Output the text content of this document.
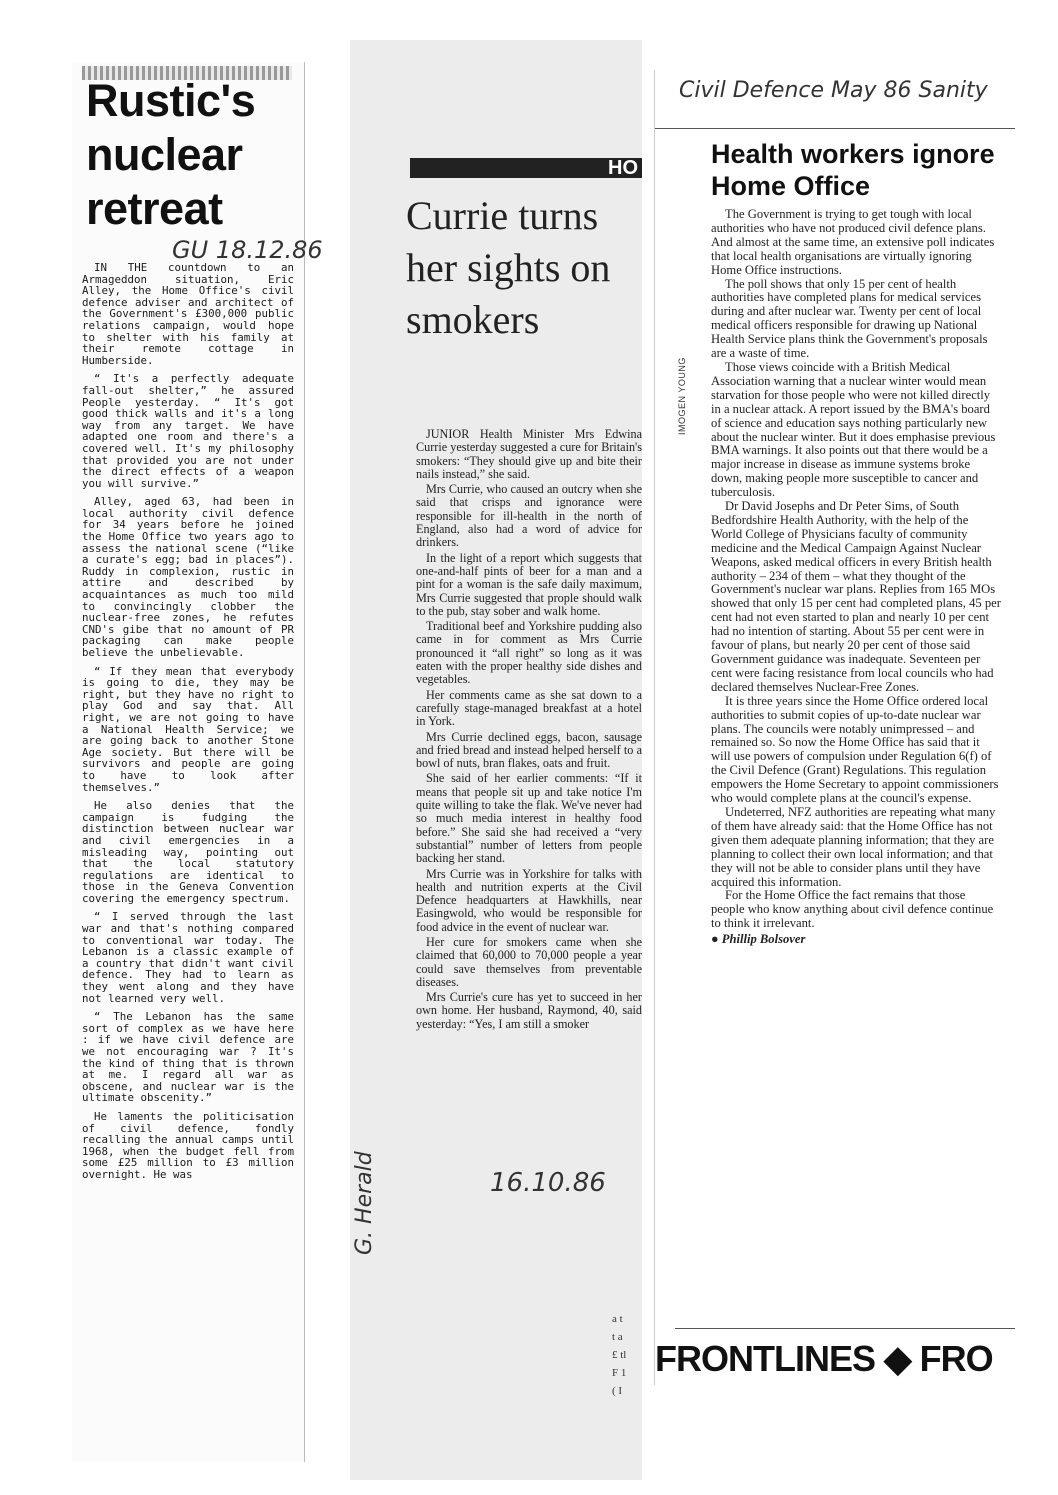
Rustic's nuclear retreat
GU 18.12.86

IN THE countdown to an Armageddon situation, Eric Alley, the Home Office's civil defence adviser and architect of the Government's £300,000 public relations campaign, would hope to shelter with his family at their remote cottage in Humberside.

“ It's a perfectly adequate fall-out shelter,” he assured People yesterday. “ It's got good thick walls and it's a long way from any target. We have adapted one room and there's a covered well. It's my philosophy that provided you are not under the direct effects of a weapon you will survive.”

Alley, aged 63, had been in local authority civil defence for 34 years before he joined the Home Office two years ago to assess the national scene (“like a curate's egg; bad in places”). Ruddy in complexion, rustic in attire and described by acquaintances as much too mild to convincingly clobber the nuclear-free zones, he refutes CND's gibe that no amount of PR packaging can make people believe the unbelievable.

“ If they mean that everybody is going to die, they may be right, but they have no right to play God and say that. All right, we are not going to have a National Health Service; we are going back to another Stone Age society. But there will be survivors and people are going to have to look after themselves.”

He also denies that the campaign is fudging the distinction between nuclear war and civil emergencies in a misleading way, pointing out that the local statutory regulations are identical to those in the Geneva Convention covering the emergency spectrum.

“ I served through the last war and that's nothing compared to conventional war today. The Lebanon is a classic example of a country that didn't want civil defence. They had to learn as they went along and they have not learned very well.

“ The Lebanon has the same sort of complex as we have here : if we have civil defence are we not encouraging war ? It's the kind of thing that is thrown at me. I regard all war as obscene, and nuclear war is the ultimate obscenity.”

He laments the politicisation of civil defence, fondly recalling the annual camps until 1968, when the budget fell from some £25 million to £3 million overnight. He was

HO
Currie turns her sights on smokers

JUNIOR Health Minister Mrs Edwina Currie yesterday suggested a cure for Britain's smokers: “They should give up and bite their nails instead,” she said.

Mrs Currie, who caused an outcry when she said that crisps and ignorance were responsible for ill-health in the north of England, also had a word of advice for drinkers.

In the light of a report which suggests that one-and-half pints of beer for a man and a pint for a woman is the safe daily maximum, Mrs Currie suggested that prople should walk to the pub, stay sober and walk home.

Traditional beef and Yorkshire pudding also came in for comment as Mrs Currie pronounced it “all right” so long as it was eaten with the proper healthy side dishes and vegetables.

Her comments came as she sat down to a carefully stage-managed breakfast at a hotel in York.

Mrs Currie declined eggs, bacon, sausage and fried bread and instead helped herself to a bowl of nuts, bran flakes, oats and fruit.

She said of her earlier comments: “If it means that people sit up and take notice I'm quite willing to take the flak. We've never had so much media interest in healthy food before.” She said she had received a “very substantial” number of letters from people backing her stand.

Mrs Currie was in Yorkshire for talks with health and nutrition experts at the Civil Defence headquarters at Hawkhills, near Easingwold, who would be responsible for food advice in the event of nuclear war.

Her cure for smokers came when she claimed that 60,000 to 70,000 people a year could save themselves from preventable diseases.

Mrs Currie's cure has yet to succeed in her own home. Her husband, Raymond, 40, said yesterday: “Yes, I am still a smoker

G. Herald	16.10.86
a t t a £ tl F 1 ( I
Civil Defence May 86 Sanity
Health workers ignore Home Office
IMOGEN YOUNG

The Government is trying to get tough with local authorities who have not produced civil defence plans. And almost at the same time, an extensive poll indicates that local health organisations are virtually ignoring Home Office instructions.

The poll shows that only 15 per cent of health authorities have completed plans for medical services during and after nuclear war. Twenty per cent of local medical officers responsible for drawing up National Health Service plans think the Government's proposals are a waste of time.

Those views coincide with a British Medical Association warning that a nuclear winter would mean starvation for those people who were not killed directly in a nuclear attack. A report issued by the BMA's board of science and education says nothing particularly new about the nuclear winter. But it does emphasise previous BMA warnings. It also points out that there would be a major increase in disease as immune systems broke down, making people more susceptible to cancer and tuberculosis.

Dr David Josephs and Dr Peter Sims, of South Bedfordshire Health Authority, with the help of the World College of Physicians faculty of community medicine and the Medical Campaign Against Nuclear Weapons, asked medical officers in every British health authority – 234 of them – what they thought of the Government's nuclear war plans. Replies from 165 MOs showed that only 15 per cent had completed plans, 45 per cent had not even started to plan and nearly 10 per cent had no intention of starting. About 55 per cent were in favour of plans, but nearly 20 per cent of those said Government guidance was inadequate. Seventeen per cent were facing resistance from local councils who had declared themselves Nuclear-Free Zones.

It is three years since the Home Office ordered local authorities to submit copies of up-to-date nuclear war plans. The councils were notably unimpressed – and remained so. So now the Home Office has said that it will use powers of compulsion under Regulation 6(f) of the Civil Defence (Grant) Regulations. This regulation empowers the Home Secretary to appoint commissioners who would complete plans at the council's expense.

Undeterred, NFZ authorities are repeating what many of them have already said: that the Home Office has not given them adequate planning information; that they are planning to collect their own local information; and that they will not be able to consider plans until they have acquired this information.

For the Home Office the fact remains that those people who know anything about civil defence continue to think it irrelevant.

● Phillip Bolsover
FRONTLINES ◆ FRO
